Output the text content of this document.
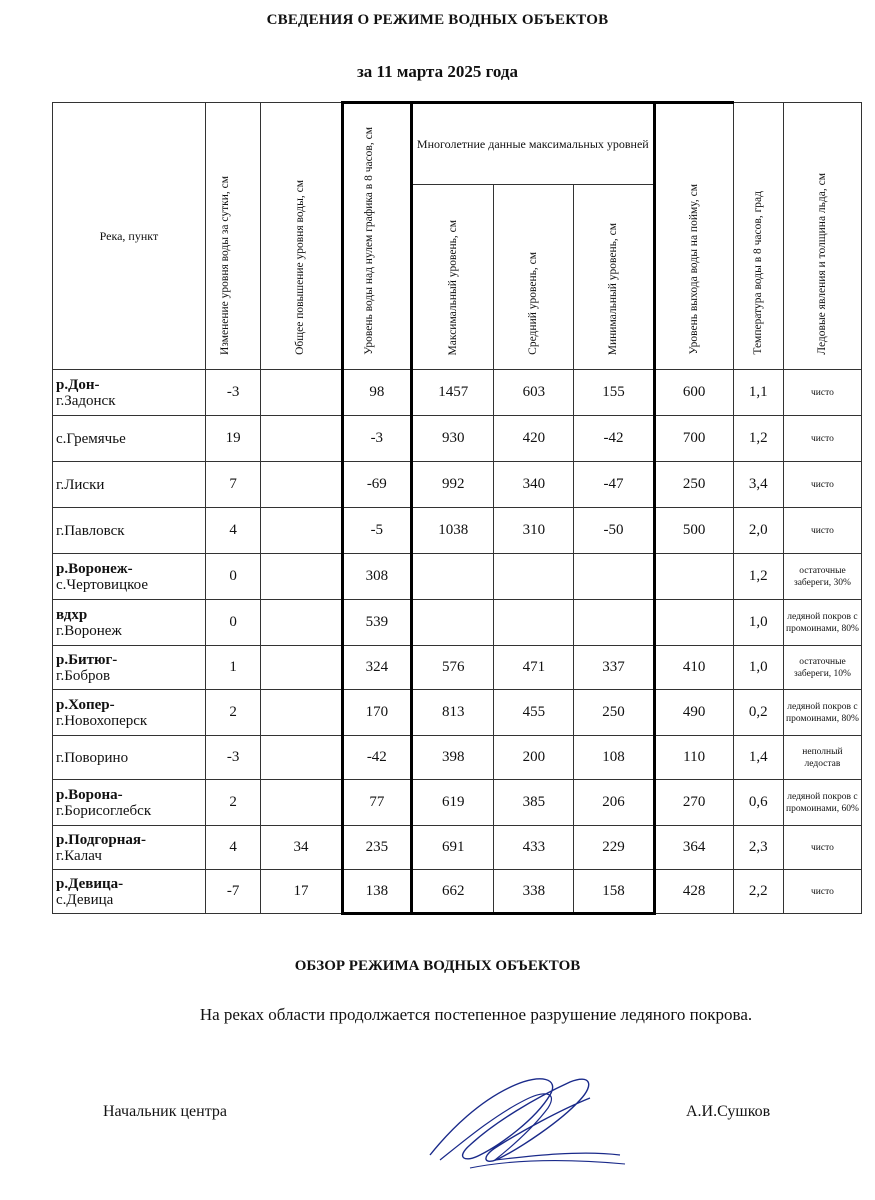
СВЕДЕНИЯ О РЕЖИМЕ ВОДНЫХ ОБЪЕКТОВ
за 11 марта 2025 года
Река, пункт	Изменение уровня воды за сутки, см	Общее повышение уровня воды, см	Уровень воды над нулем графика в 8 часов, см	Многолетние данные максимальных уровней			Уровень выхода воды на пойму, см	Температура воды в 8 часов, град	Ледовые явления и толщина льда, см
				Максимальный уровень, см	Средний уровень, см	Минимальный уровень, см			

р.Дон-
г.Задонск	-3		98	1457	603	155	600	1,1	чисто

с.Гремячье	19		-3	930	420	-42	700	1,2	чисто

г.Лиски	7		-69	992	340	-47	250	3,4	чисто

г.Павловск	4		-5	1038	310	-50	500	2,0	чисто

р.Воронеж-
с.Чертовицкое	0		308					1,2	остаточные забереги, 30%

вдхр
г.Воронеж	0		539					1,0	ледяной покров с промоинами, 80%

р.Битюг-
г.Бобров	1		324	576	471	337	410	1,0	остаточные забереги, 10%

р.Хопер-
г.Новохоперск	2		170	813	455	250	490	0,2	ледяной покров с промоинами, 80%

г.Поворино	-3		-42	398	200	108	110	1,4	неполный ледостав

р.Ворона-
г.Борисоглебск	2		77	619	385	206	270	0,6	ледяной покров с промоинами, 60%

р.Подгорная-
г.Калач	4	34	235	691	433	229	364	2,3	чисто

р.Девица-
с.Девица	-7	17	138	662	338	158	428	2,2	чисто
ОБЗОР РЕЖИМА ВОДНЫХ ОБЪЕКТОВ
На реках области продолжается постепенное разрушение ледяного покрова.
Начальник центра	А.И.Сушков
